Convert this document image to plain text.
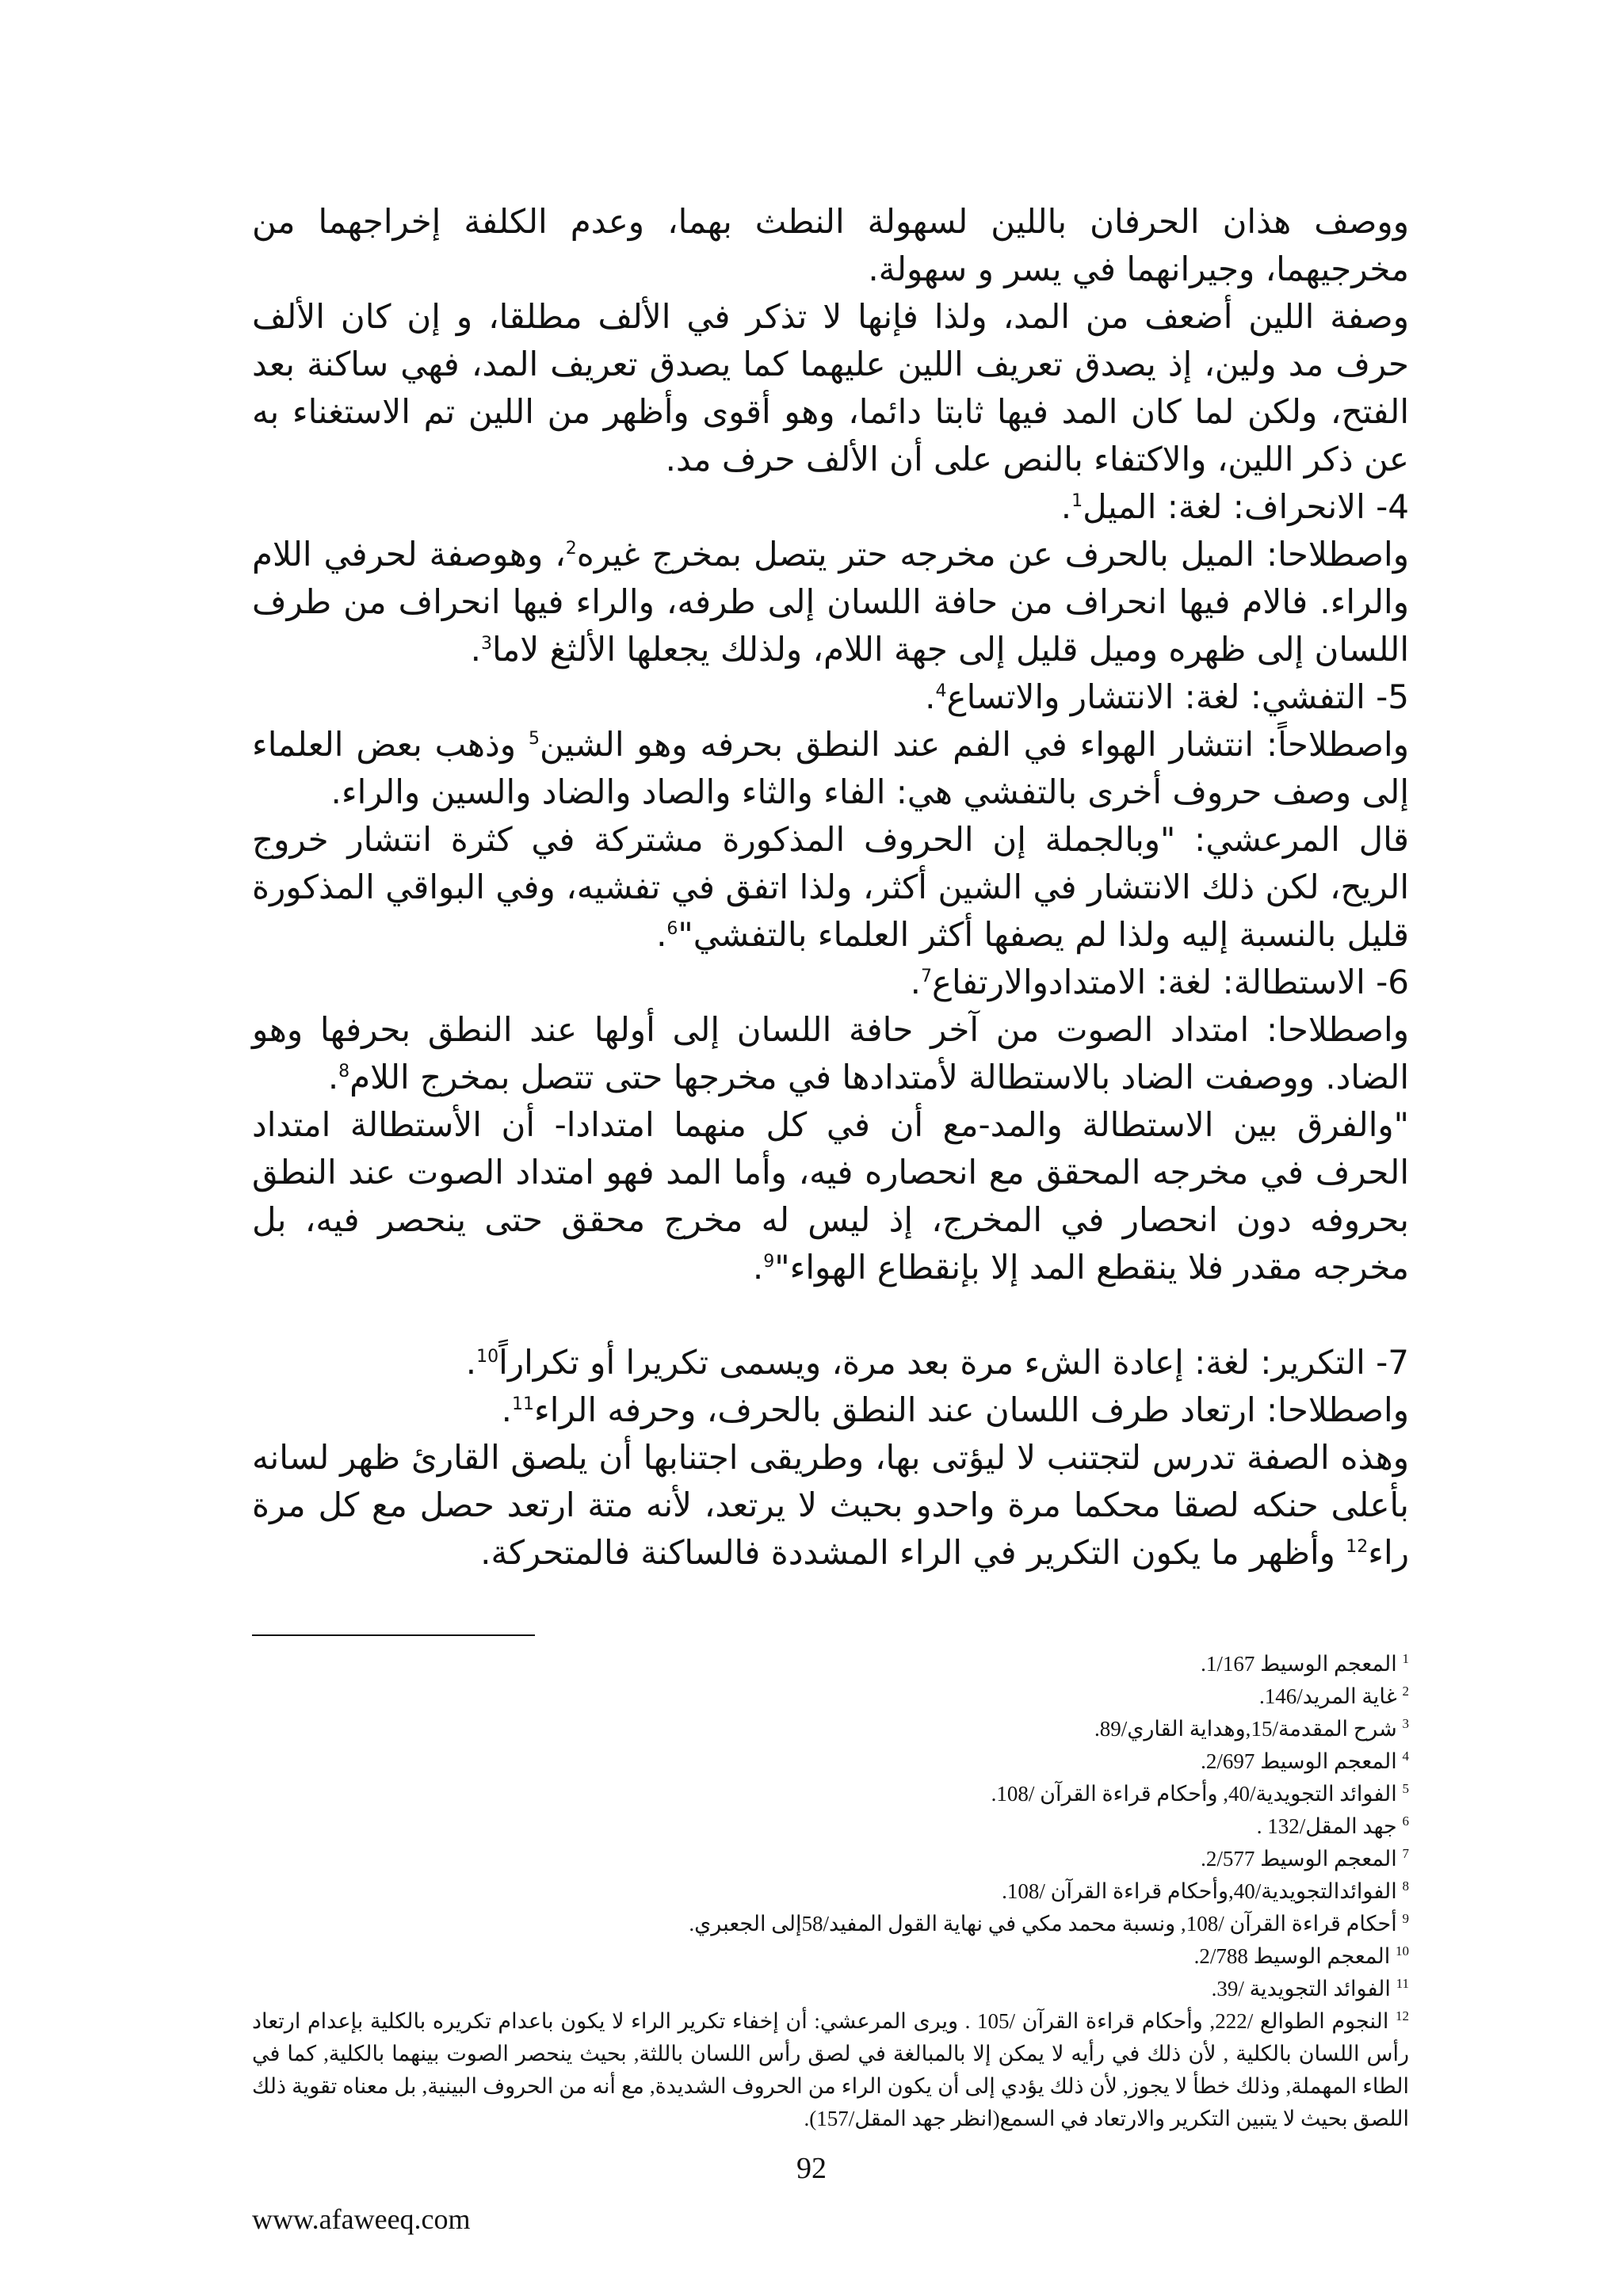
ووصف هذان الحرفان باللين لسهولة النطث بهما، وعدم الكلفة إخراجهما من مخرجيهما، وجيرانهما في يسر و سهولة.

وصفة اللين أضعف من المد، ولذا فإنها لا تذكر في الألف مطلقا، و إن كان الألف حرف مد ولين، إذ يصدق تعريف اللين عليهما كما يصدق تعريف المد، فهي ساكنة بعد الفتح، ولكن لما كان المد فيها ثابتا دائما، وهو أقوى وأظهر من اللين تم الاستغناء به عن ذكر اللين، والاكتفاء بالنص على أن الألف حرف مد.

4- الانحراف: لغة: الميل$^1$.

واصطلاحا: الميل بالحرف عن مخرجه حتر يتصل بمخرج غيره$^2$، وهوصفة لحرفي اللام والراء. فالام فيها انحراف من حافة اللسان إلى طرفه، والراء فيها انحراف من طرف اللسان إلى ظهره وميل قليل إلى جهة اللام، ولذلك يجعلها الألثغ لاما$^3$.

5- التفشي: لغة: الانتشار والاتساع$^4$.

واصطلاحاً: انتشار الهواء في الفم عند النطق بحرفه وهو الشين$^5$ وذهب بعض العلماء إلى وصف حروف أخرى بالتفشي هي: الفاء والثاء والصاد والضاد والسين والراء.

قال المرعشي: "وبالجملة إن الحروف المذكورة مشتركة في كثرة انتشار خروج الريح، لكن ذلك الانتشار في الشين أكثر، ولذا اتفق في تفشيه، وفي البواقي المذكورة قليل بالنسبة إليه ولذا لم يصفها أكثر العلماء بالتفشي"$^6$.

6- الاستطالة: لغة: الامتدادوالارتفاع$^7$.

واصطلاحا: امتداد الصوت من آخر حافة اللسان إلى أولها عند النطق بحرفها وهو الضاد. ووصفت الضاد بالاستطالة لأمتدادها في مخرجها حتى تتصل بمخرج اللام$^8$.

"والفرق بين الاستطالة والمد-مع أن في كل منهما امتدادا- أن الأستطالة امتداد الحرف في مخرجه المحقق مع انحصاره فيه، وأما المد فهو امتداد الصوت عند النطق بحروفه دون انحصار في المخرج، إذ ليس له مخرج محقق حتى ينحصر فيه، بل مخرجه مقدر فلا ينقطع المد إلا بإنقطاع الهواء"$^9$.

7- التكرير: لغة: إعادة الشء مرة بعد مرة، ويسمى تكريرا أو تكراراً$^{10}$.

واصطلاحا: ارتعاد طرف اللسان عند النطق بالحرف، وحرفه الراء$^{11}$.

وهذه الصفة تدرس لتجتنب لا ليؤتى بها، وطريقى اجتنابها أن يلصق القارئ ظهر لسانه بأعلى حنكه لصقا محكما مرة واحدو بحيث لا يرتعد، لأنه متة ارتعد حصل مع كل مرة راء$^{12}$ وأظهر ما يكون التكرير في الراء المشددة فالساكنة فالمتحركة.

$^1$ المعجم الوسيط 1/167.

$^2$ غاية المريد/146.

$^3$ شرح المقدمة/15,وهداية القاري/89.

$^4$ المعجم الوسيط 2/697.

$^5$ الفوائد التجويدية/40, وأحكام قراءة القرآن /108.

$^6$ جهد المقل/132 .

$^7$ المعجم الوسيط 2/577.

$^8$ الفوائدالتجويدية/40,وأحكام قراءة القرآن /108.

$^9$ أحكام قراءة القرآن /108, ونسبة محمد مكي في نهاية القول المفيد/58إلى الجعبري.

$^{10}$ المعجم الوسيط 2/788.

$^{11}$ الفوائد التجويدية /39.

$^{12}$ النجوم الطوالع /222, وأحكام قراءة القرآن /105 . ويرى المرعشي: أن إخفاء تكرير الراء لا يكون باعدام تكريره بالكلية بإعدام ارتعاد رأس اللسان بالكلية , لأن ذلك في رأيه لا يمكن إلا بالمبالغة في لصق رأس اللسان باللثة, بحيث ينحصر الصوت بينهما بالكلية, كما في الطاء المهملة, وذلك خطأ لا يجوز, لأن ذلك يؤدي إلى أن يكون الراء من الحروف الشديدة, مع أنه من الحروف البينية, بل معناه تقوية ذلك اللصق بحيث لا يتبين التكرير والارتعاد في السمع(انظر جهد المقل/157).

92
www.afaweeq.com
